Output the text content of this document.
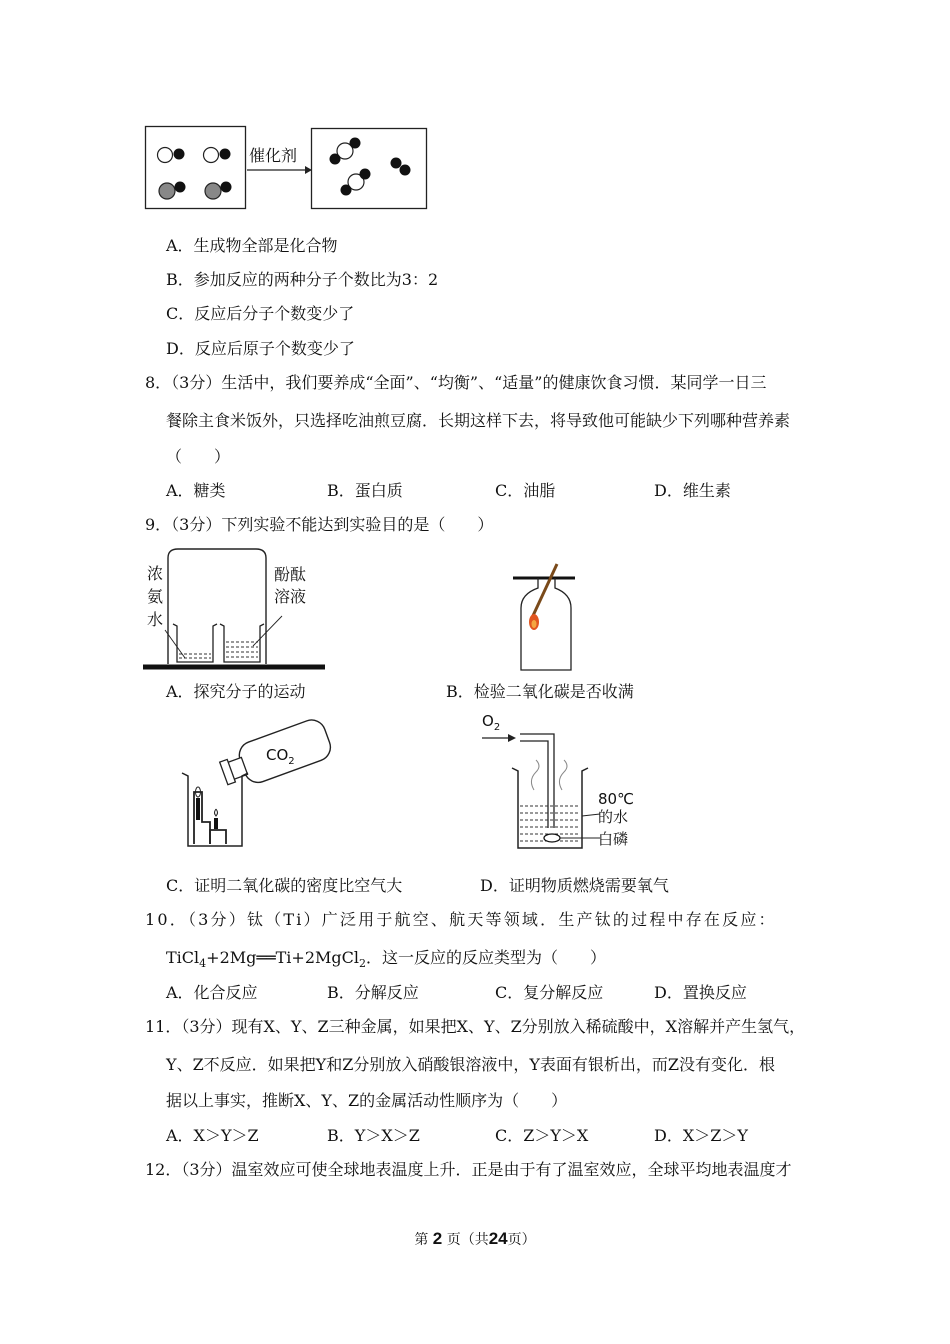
催化剂
A．生成物全部是化合物
B．参加反应的两种分子个数比为3：2
C．反应后分子个数变少了
D．反应后原子个数变少了
8．（3分）生活中，我们要养成“全面”、“均衡”、“适量”的健康饮食习惯．某同学一日三
餐除主食米饭外，只选择吃油煎豆腐．长期这样下去，将导致他可能缺少下列哪种营养素
（　　）
A．糖类	B．蛋白质	C．油脂	D．维生素
9．（3分）下列实验不能达到实验目的是（　　）
浓
氨
水
酚酞
溶液
A．探究分子的运动	B．检验二氧化碳是否收满
$CO_2$
$O_2$
80℃
的水
白磷
C．证明二氧化碳的密度比空气大	D．证明物质燃烧需要氧气
10．（3分）钛（Ti）广泛用于航空、航天等领域．生产钛的过程中存在反应：
TiCl$_4$+2Mg══Ti+2MgCl$_2$．这一反应的反应类型为（　　）
A．化合反应	B．分解反应	C．复分解反应	D．置换反应
11．（3分）现有X、Y、Z三种金属，如果把X、Y、Z分别放入稀硫酸中，X溶解并产生氢气，
Y、Z不反应．如果把Y和Z分别放入硝酸银溶液中，Y表面有银析出，而Z没有变化．根
据以上事实，推断X、Y、Z的金属活动性顺序为（　　）
A．X＞Y＞Z	B．Y＞X＞Z	C．Z＞Y＞X	D．X＞Z＞Y
12．（3分）温室效应可使全球地表温度上升．正是由于有了温室效应，全球平均地表温度才
第 2 页（共24页）
